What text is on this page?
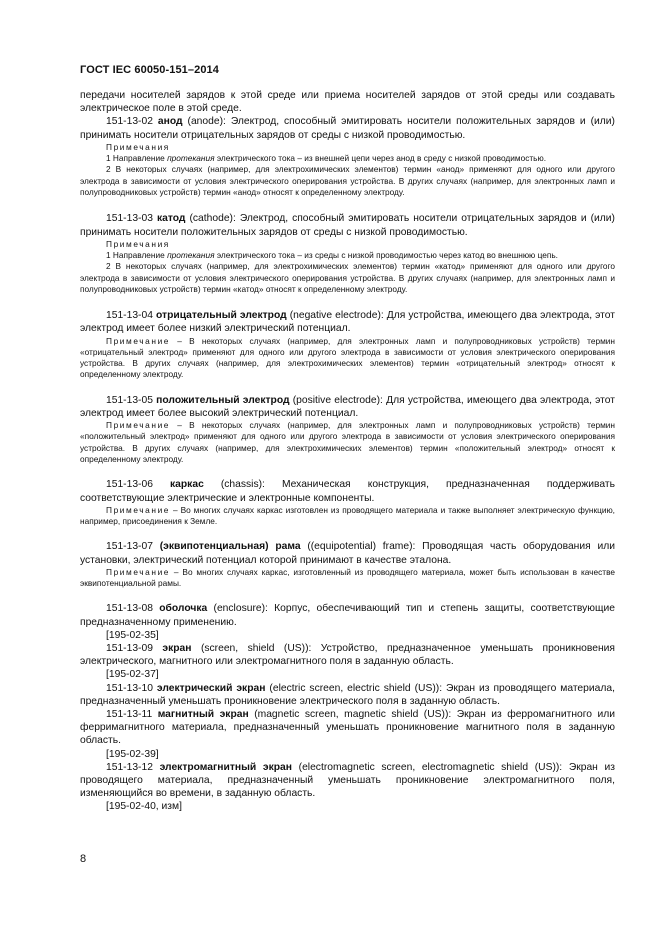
ГОСТ IEC 60050-151–2014

передачи носителей зарядов к этой среде или приема носителей зарядов от этой среды или создавать электрическое поле в этой среде.

151-13-02 анод (anode): Электрод, способный эмитировать носители положительных зарядов и (или) принимать носители отрицательных зарядов от среды с низкой проводимостью.

Примечания

1 Направление протекания электрического тока – из внешней цепи через анод в среду с низкой проводимостью.

2 В некоторых случаях (например, для электрохимических элементов) термин «анод» применяют для одного или другого электрода в зависимости от условия электрического оперирования устройства. В других случаях (например, для электронных ламп и полупроводниковых устройств) термин «анод» относят к определенному электроду.

151-13-03 катод (cathode): Электрод, способный эмитировать носители отрицательных зарядов и (или) принимать носители положительных зарядов от среды с низкой проводимостью.

Примечания

1 Направление протекания электрического тока – из среды с низкой проводимостью через катод во внешнюю цепь.

2 В некоторых случаях (например, для электрохимических элементов) термин «катод» применяют для одного или другого электрода в зависимости от условия электрического оперирования устройства. В других случаях (например, для электронных ламп и полупроводниковых устройств) термин «катод» относят к определенному электроду.

151-13-04 отрицательный электрод (negative electrode): Для устройства, имеющего два электрода, этот электрод имеет более низкий электрический потенциал.

Примечание – В некоторых случаях (например, для электронных ламп и полупроводниковых устройств) термин «отрицательный электрод» применяют для одного или другого электрода в зависимости от условия электрического оперирования устройства. В других случаях (например, для электрохимических элементов) термин «отрицательный электрод» относят к определенному электроду.

151-13-05 положительный электрод (positive electrode): Для устройства, имеющего два электрода, этот электрод имеет более высокий электрический потенциал.

Примечание – В некоторых случаях (например, для электронных ламп и полупроводниковых устройств) термин «положительный электрод» применяют для одного или другого электрода в зависимости от условия электрического оперирования устройства. В других случаях (например, для электрохимических элементов) термин «положительный электрод» относят к определенному электроду.

151-13-06 каркас (chassis): Механическая конструкция, предназначенная поддерживать соответствующие электрические и электронные компоненты.

Примечание – Во многих случаях каркас изготовлен из проводящего материала и также выполняет электрическую функцию, например, присоединения к Земле.

151-13-07 (эквипотенциальная) рама ((equipotential) frame): Проводящая часть оборудования или установки, электрический потенциал которой принимают в качестве эталона.

Примечание – Во многих случаях каркас, изготовленный из проводящего материала, может быть использован в качестве эквипотенциальной рамы.

151-13-08 оболочка (enclosure): Корпус, обеспечивающий тип и степень защиты, соответствующие предназначенному применению.

[195-02-35]

151-13-09 экран (screen, shield (US)): Устройство, предназначенное уменьшать проникновения электрического, магнитного или электромагнитного поля в заданную область.

[195-02-37]

151-13-10 электрический экран (electric screen, electric shield (US)): Экран из проводящего материала, предназначенный уменьшать проникновение электрического поля в заданную область.

151-13-11 магнитный экран (magnetic screen, magnetic shield (US)): Экран из ферромагнитного или ферримагнитного материала, предназначенный уменьшать проникновение магнитного поля в заданную область.

[195-02-39]

151-13-12 электромагнитный экран (electromagnetic screen, electromagnetic shield (US)): Экран из проводящего материала, предназначенный уменьшать проникновение электромагнитного поля, изменяющийся во времени, в заданную область.

[195-02-40, изм]

8
